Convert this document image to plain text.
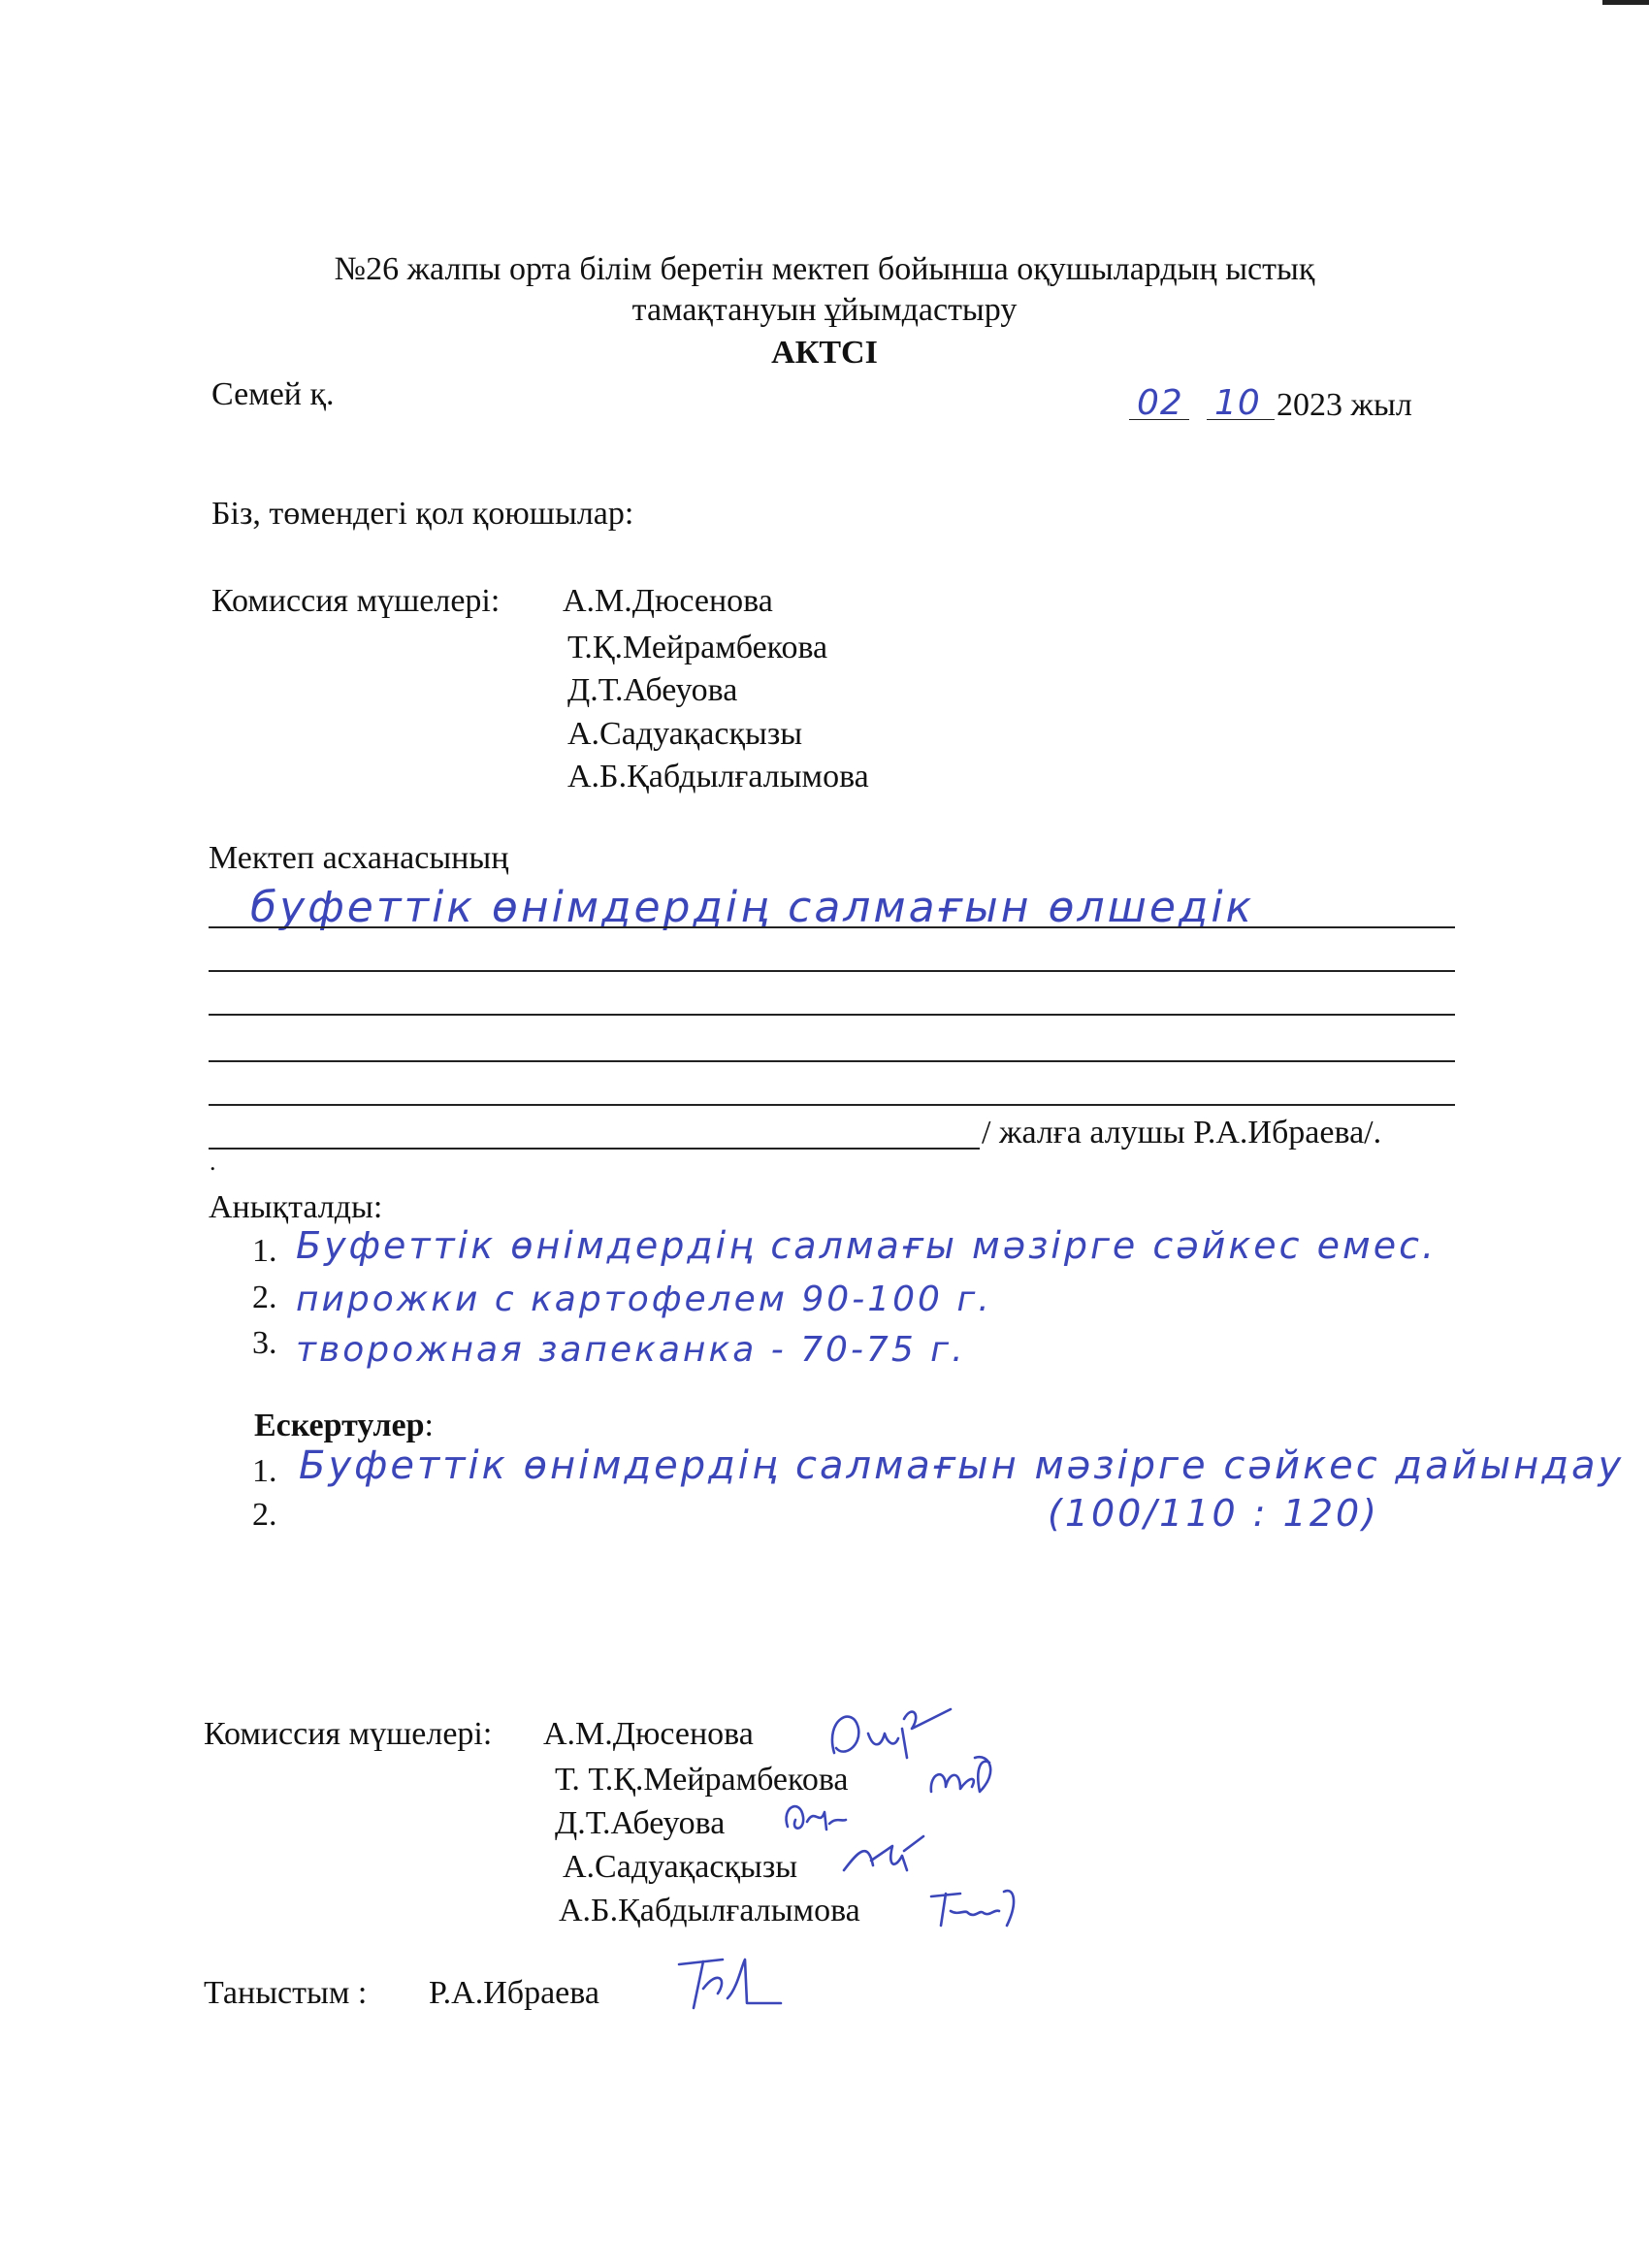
№26 жалпы орта білім беретін мектеп бойынша оқушылардың ыстық
тамақтануын ұйымдастыру
АКТСІ
Семей қ.	02 10 2023 жыл
Біз, төмендегі қол қоюшылар:
Комиссия мүшелері: А.М.Дюсенова
Т.Қ.Мейрамбекова
Д.Т.Абеуова
А.Садуақасқызы
А.Б.Қабдылғалымова
Мектеп асханасының
буфеттік өнімдердің салмағын өлшедік
/ жалға алушы Р.А.Ибраева/.
.
Анықталды:
1. Буфеттік өнімдердің салмағы мәзірге сәйкес емес.
2. пирожки с картофелем 90-100 г.
3. творожная запеканка - 70-75 г.
Ескертулер:
1. Буфеттік өнімдердің салмағын мәзірге сәйкес дайындау
2.	(100/110 : 120)
Комиссия мүшелері: А.М.Дюсенова
Т. Т.Қ.Мейрамбекова
Д.Т.Абеуова
А.Садуақасқызы
А.Б.Қабдылғалымова
Таныстым : Р.А.Ибраева
